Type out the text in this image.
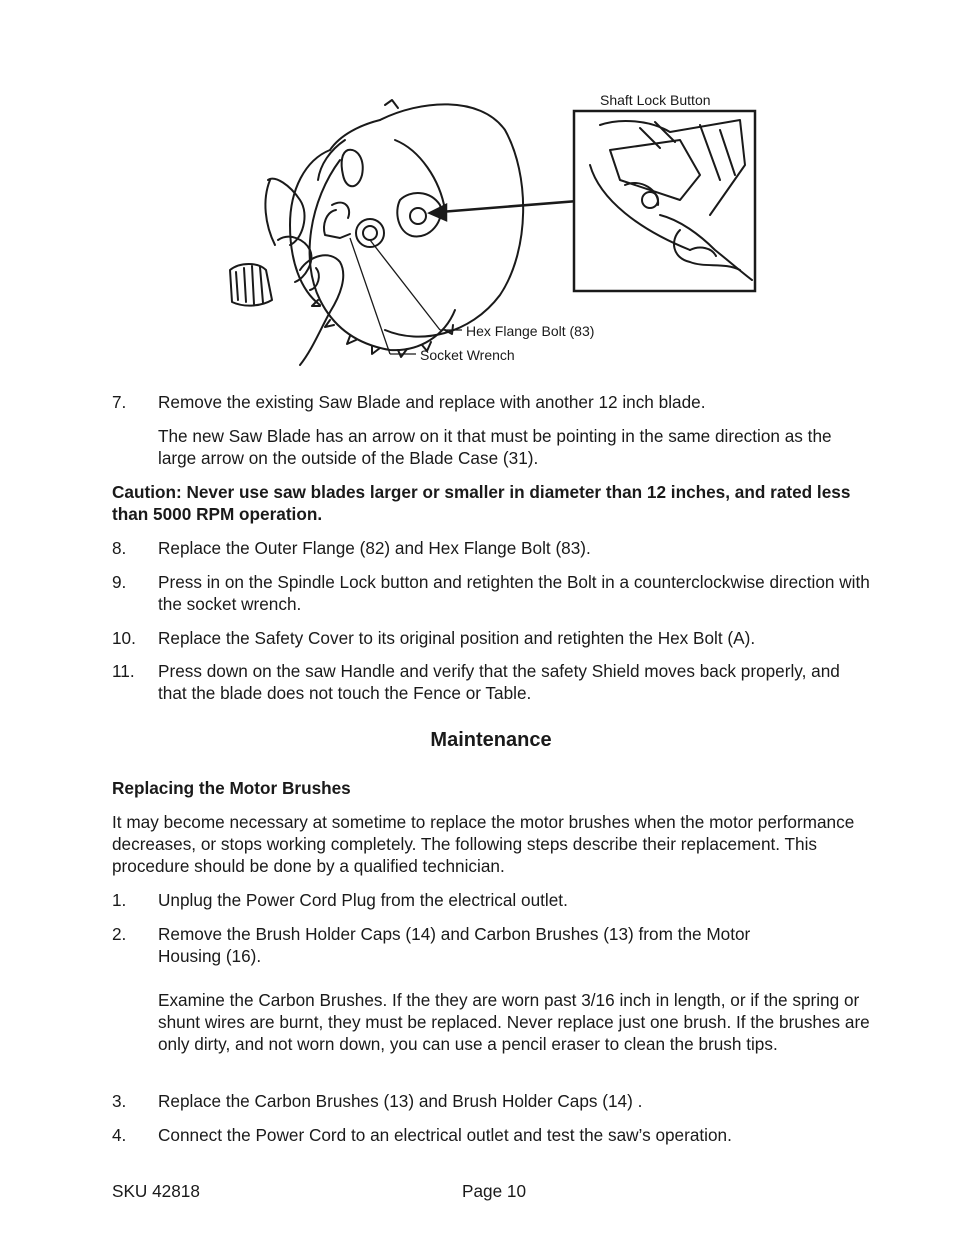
Shaft Lock Button
Hex Flange Bolt (83)
Socket Wrench
7. Remove the existing Saw Blade and replace with another 12 inch blade.
The new Saw Blade has an arrow on it that must be pointing in the same direction as the large arrow on the outside of the Blade Case (31).
Caution: Never use saw blades larger or smaller in diameter than 12 inches, and rated less than 5000 RPM operation.
8. Replace the Outer Flange (82) and Hex Flange Bolt (83).
9. Press in on the Spindle Lock button and retighten the Bolt in a counterclockwise direction with the socket wrench.
10. Replace the Safety Cover to its original position and retighten the Hex Bolt (A).
11. Press down on the saw Handle and verify that the safety Shield moves back properly, and that the blade does not touch the Fence or Table.
Maintenance
Replacing the Motor Brushes
It may become necessary at sometime to replace the motor brushes when the motor performance decreases, or stops working completely. The following steps describe their replacement. This procedure should be done by a qualified technician.
1. Unplug the Power Cord Plug from the electrical outlet.
2. Remove the Brush Holder Caps (14) and Carbon Brushes (13) from the Motor Housing (16).
Examine the Carbon Brushes. If the they are worn past 3/16 inch in length, or if the spring or shunt wires are burnt, they must be replaced. Never replace just one brush. If the brushes are only dirty, and not worn down, you can use a pencil eraser to clean the brush tips.
3. Replace the Carbon Brushes (13) and Brush Holder Caps (14) .
4. Connect the Power Cord to an electrical outlet and test the saw’s operation.
SKU 42818	Page 10
